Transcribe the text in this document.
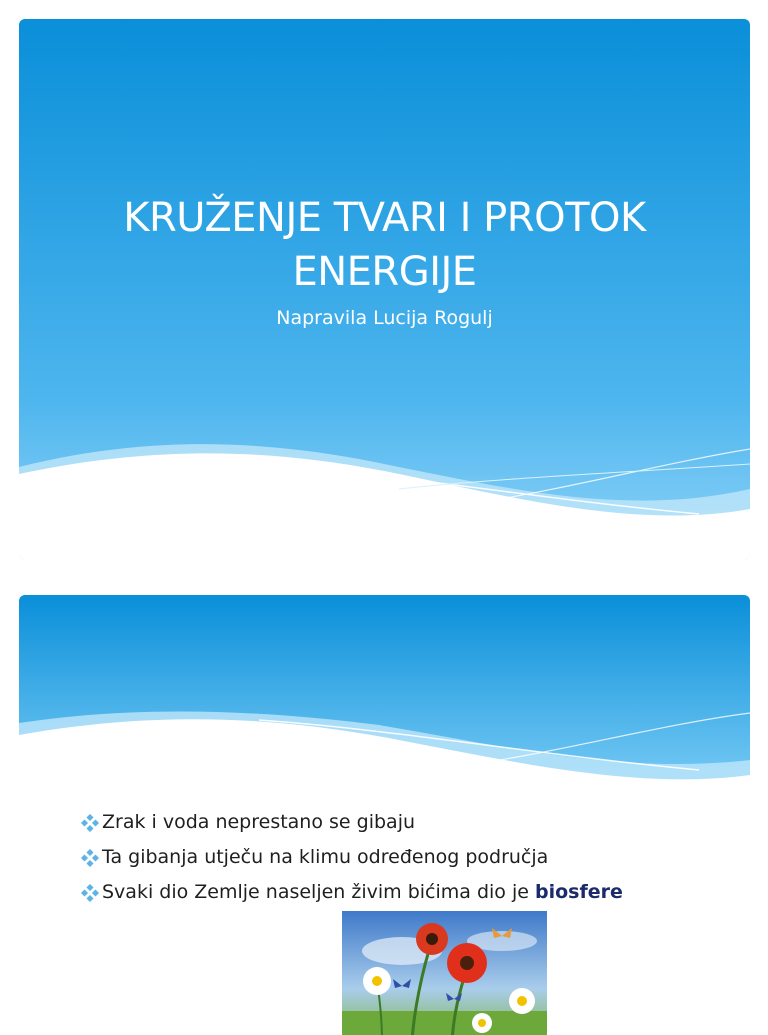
KRUŽENJE TVARI I PROTOK
ENERGIJE
Napravila Lucija Rogulj
Zrak i voda neprestano se gibaju
Ta gibanja utječu na klimu određenog područja
Svaki dio Zemlje naseljen živim bićima dio je biosfere
